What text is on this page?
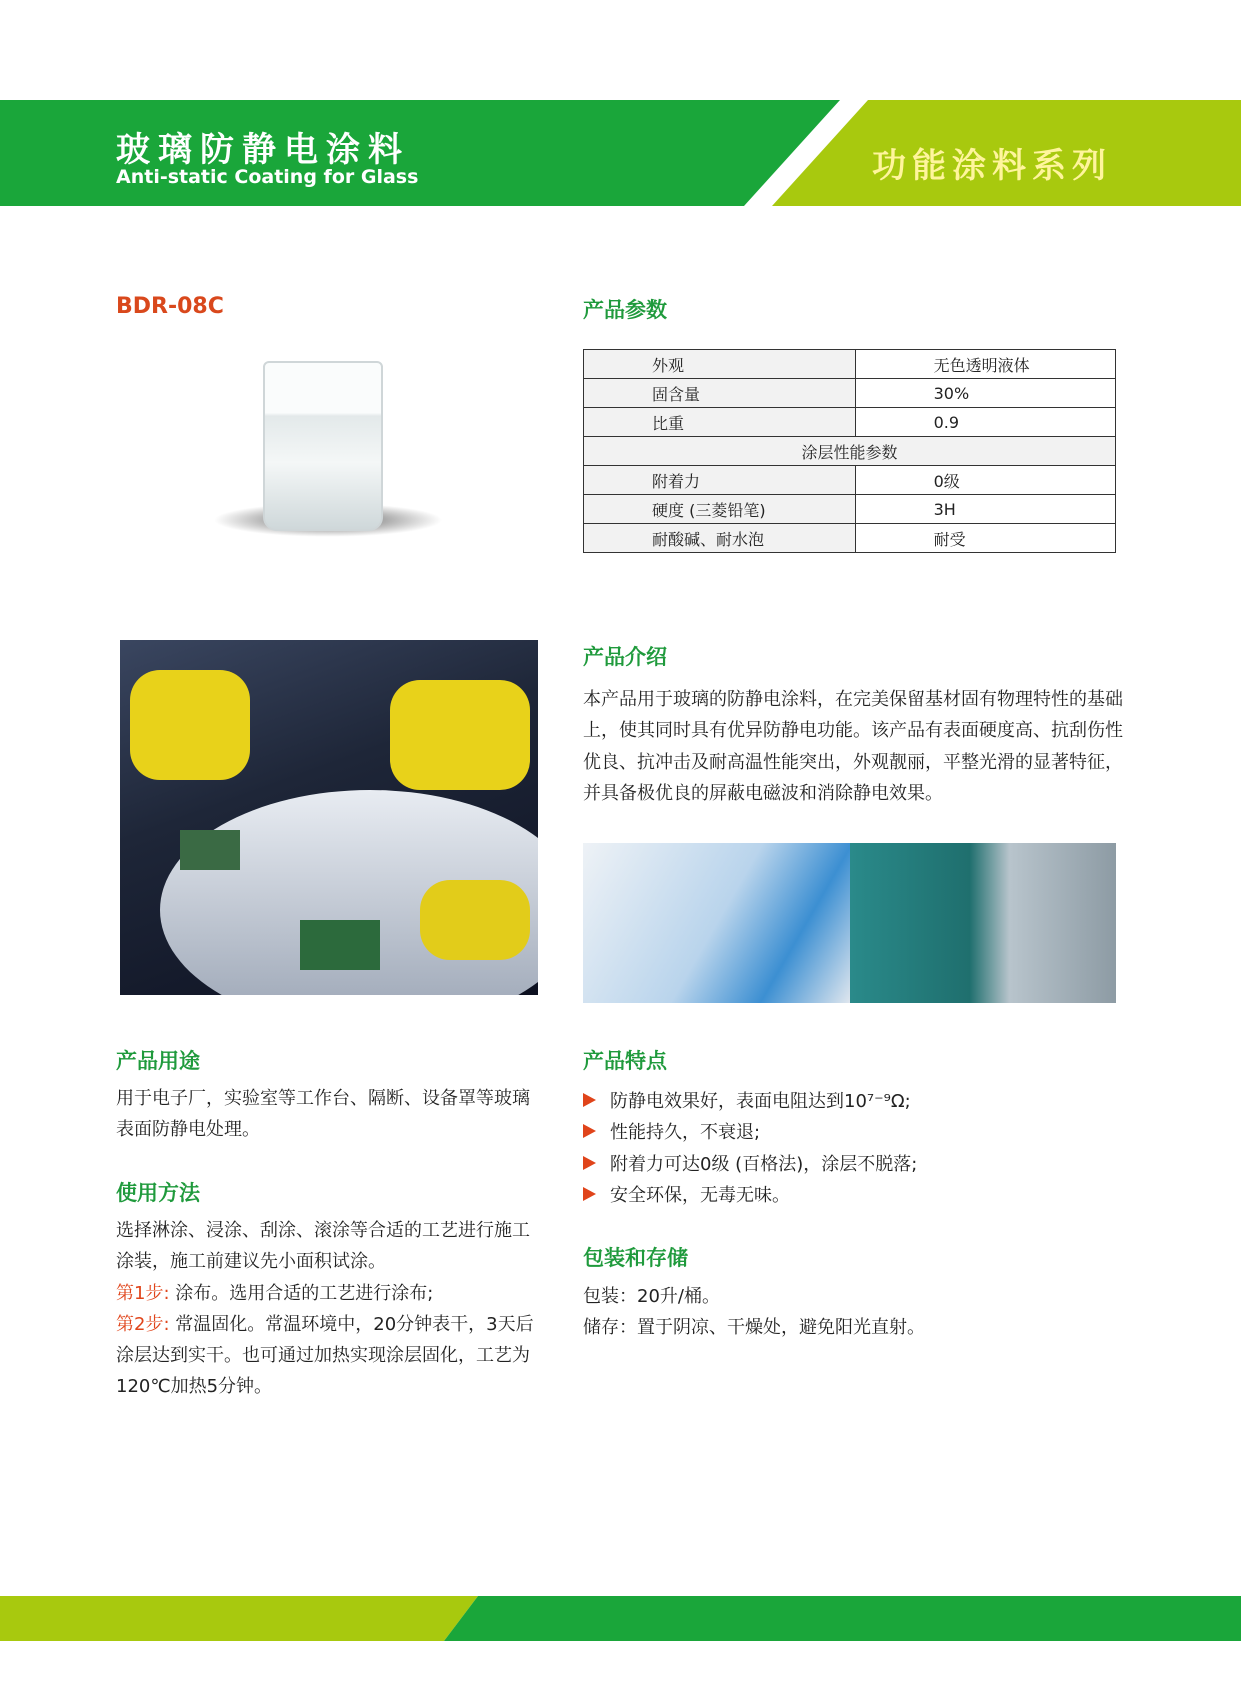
玻璃防静电涂料
Anti-static Coating for Glass	功能涂料系列
BDR-08C	产品参数
外观	无色透明液体
固含量	30%
比重	0.9
涂层性能参数	
附着力	0级
硬度 (三菱铅笔)	3H
耐酸碱、耐水泡	耐受
产品介绍
本产品用于玻璃的防静电涂料，在完美保留基材固有物理特性的基础上，使其同时具有优异防静电功能。该产品有表面硬度高、抗刮伤性优良、抗冲击及耐高温性能突出，外观靓丽，平整光滑的显著特征，并具备极优良的屏蔽电磁波和消除静电效果。
产品用途
用于电子厂，实验室等工作台、隔断、设备罩等玻璃表面防静电处理。
使用方法
选择淋涂、浸涂、刮涂、滚涂等合适的工艺进行施工涂装，施工前建议先小面积试涂。
第1步: 涂布。选用合适的工艺进行涂布;
第2步: 常温固化。常温环境中，20分钟表干，3天后涂层达到实干。也可通过加热实现涂层固化，工艺为120℃加热5分钟。
产品特点
防静电效果好，表面电阻达到10⁷⁻⁹Ω;
性能持久，不衰退;
附着力可达0级 (百格法)，涂层不脱落;
安全环保，无毒无味。
包装和存储
包装：20升/桶。
储存：置于阴凉、干燥处，避免阳光直射。
